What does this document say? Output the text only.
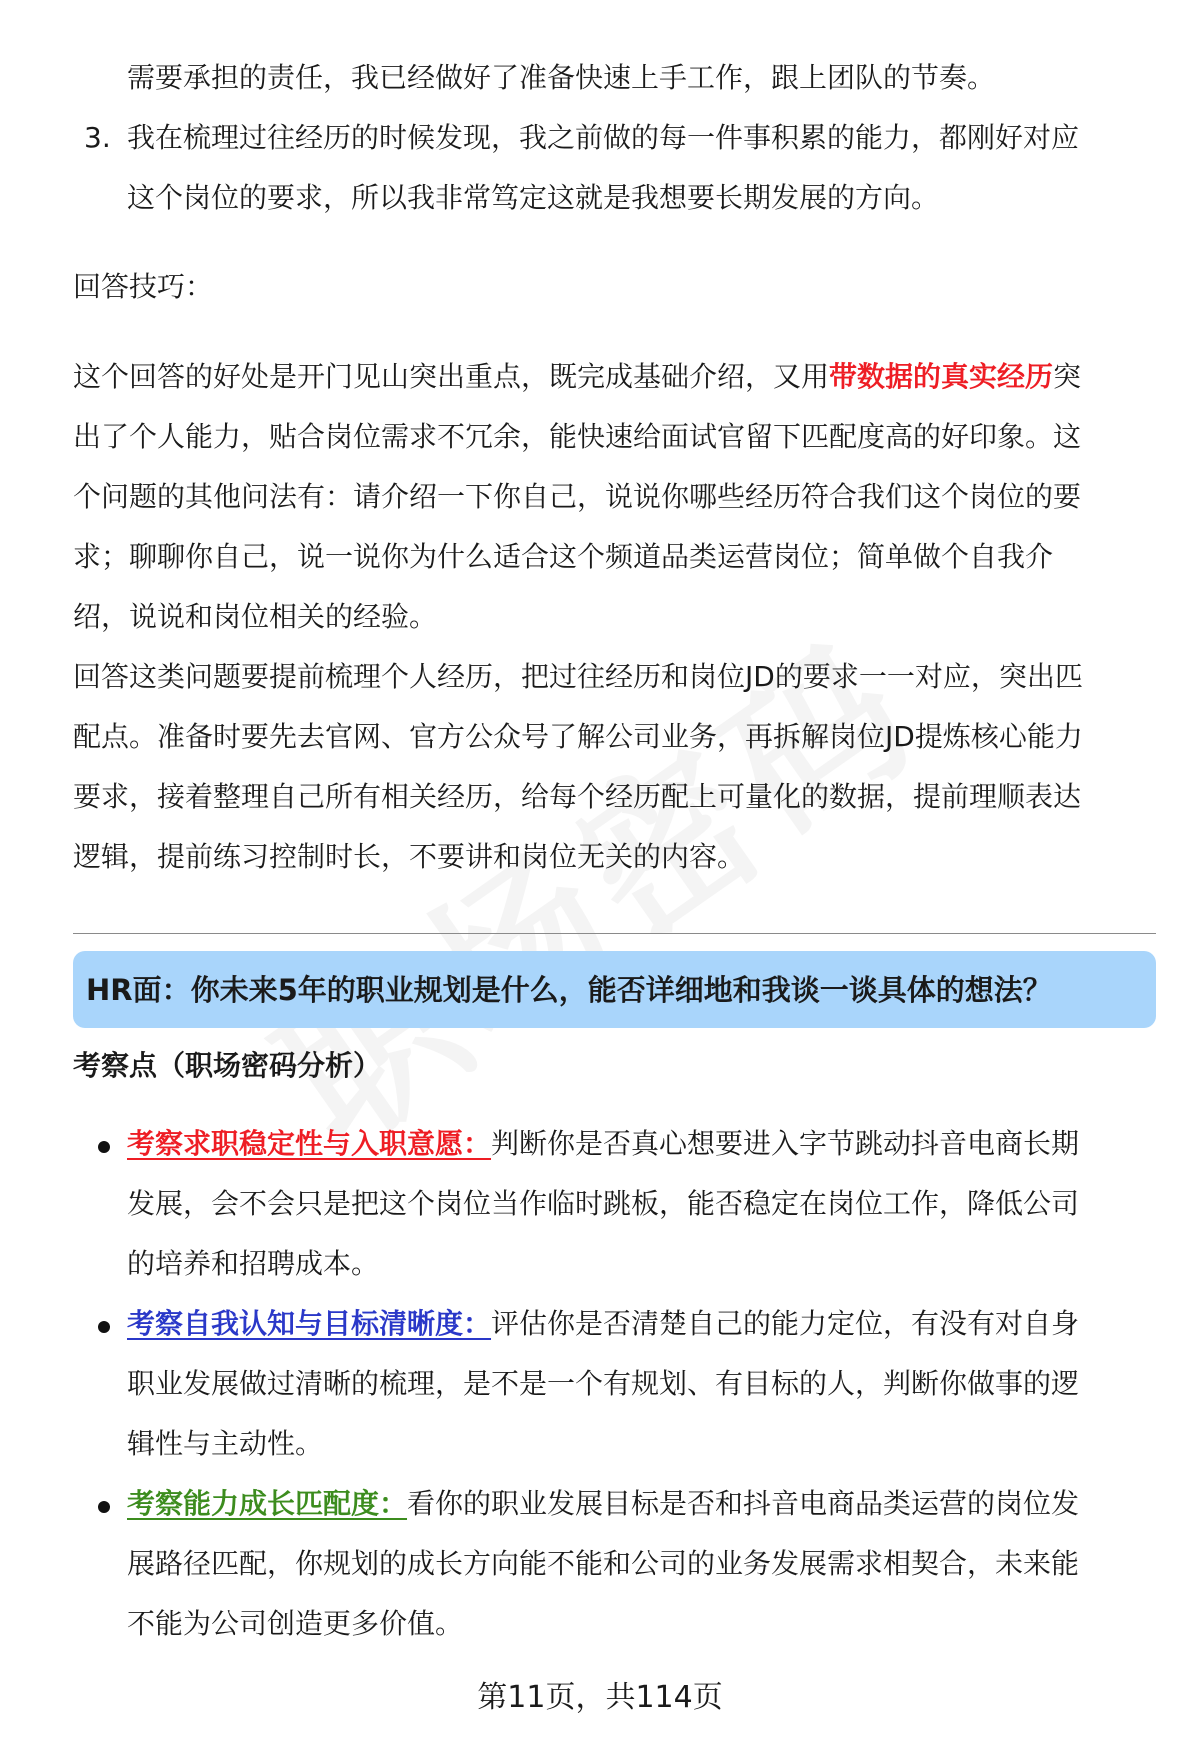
需要承担的责任，我已经做好了准备快速上手工作，跟上团队的节奏。
3. 我在梳理过往经历的时候发现，我之前做的每一件事积累的能力，都刚好对应
这个岗位的要求，所以我非常笃定这就是我想要长期发展的方向。
回答技巧：
这个回答的好处是开门见山突出重点，既完成基础介绍，又用带数据的真实经历突
出了个人能力，贴合岗位需求不冗余，能快速给面试官留下匹配度高的好印象。这
个问题的其他问法有：请介绍一下你自己，说说你哪些经历符合我们这个岗位的要
求；聊聊你自己，说一说你为什么适合这个频道品类运营岗位；简单做个自我介
绍，说说和岗位相关的经验。
回答这类问题要提前梳理个人经历，把过往经历和岗位JD的要求一一对应，突出匹
配点。准备时要先去官网、官方公众号了解公司业务，再拆解岗位JD提炼核心能力
要求，接着整理自己所有相关经历，给每个经历配上可量化的数据，提前理顺表达
逻辑，提前练习控制时长，不要讲和岗位无关的内容。
HR面：你未来5年的职业规划是什么，能否详细地和我谈一谈具体的想法？
考察点（职场密码分析）
考察求职稳定性与入职意愿：判断你是否真心想要进入字节跳动抖音电商长期
发展，会不会只是把这个岗位当作临时跳板，能否稳定在岗位工作，降低公司
的培养和招聘成本。
考察自我认知与目标清晰度：评估你是否清楚自己的能力定位，有没有对自身
职业发展做过清晰的梳理，是不是一个有规划、有目标的人，判断你做事的逻
辑性与主动性。
考察能力成长匹配度：看你的职业发展目标是否和抖音电商品类运营的岗位发
展路径匹配，你规划的成长方向能不能和公司的业务发展需求相契合，未来能
不能为公司创造更多价值。
第11页，共114页
